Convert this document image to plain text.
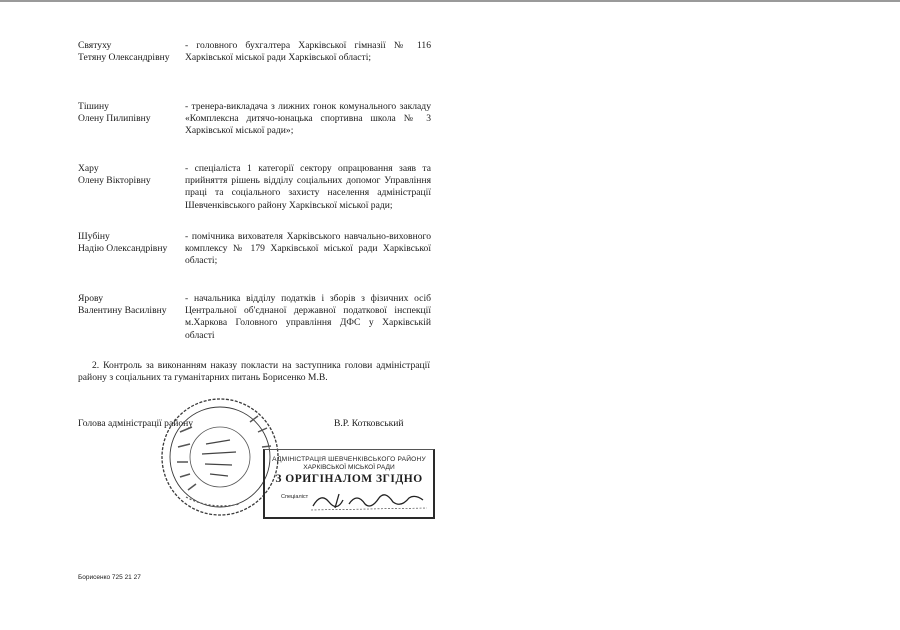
Святуху
Тетяну Олександрівну
- головного бухгалтера Харківської гімназії № 116 Харківської міської ради Харківської області;
Тішину
Олену Пилипівну
- тренера-викладача з лижних гонок комунального закладу «Комплексна дитячо-юнацька спортивна школа № 3 Харківської міської ради»;
Хару
Олену Вікторівну
- спеціаліста 1 категорії сектору опрацювання заяв та прийняття рішень відділу соціальних допомог Управління праці та соціального захисту населення адміністрації Шевченківського району Харківської міської ради;
Шубіну
Надію Олександрівну
- помічника вихователя Харківського навчально-виховного комплексу № 179 Харківської міської ради Харківської області;
Ярову
Валентину Василівну
- начальника відділу податків і зборів з фізичних осіб Центральної об'єднаної державної податкової інспекції м.Харкова Головного управління ДФС у Харківській області
2. Контроль за виконанням наказу покласти на заступника голови адміністрації району з соціальних та гуманітарних питань Борисенко М.В.
Голова адміністрації району	В.Р. Котковський
АДМІНІСТРАЦІЯ ШЕВЧЕНКІВСЬКОГО РАЙОНУ
ХАРКІВСЬКОЇ МІСЬКОЇ РАДИ
З ОРИГІНАЛОМ ЗГІДНО
Спеціаліст
Борисенко 725 21 27
